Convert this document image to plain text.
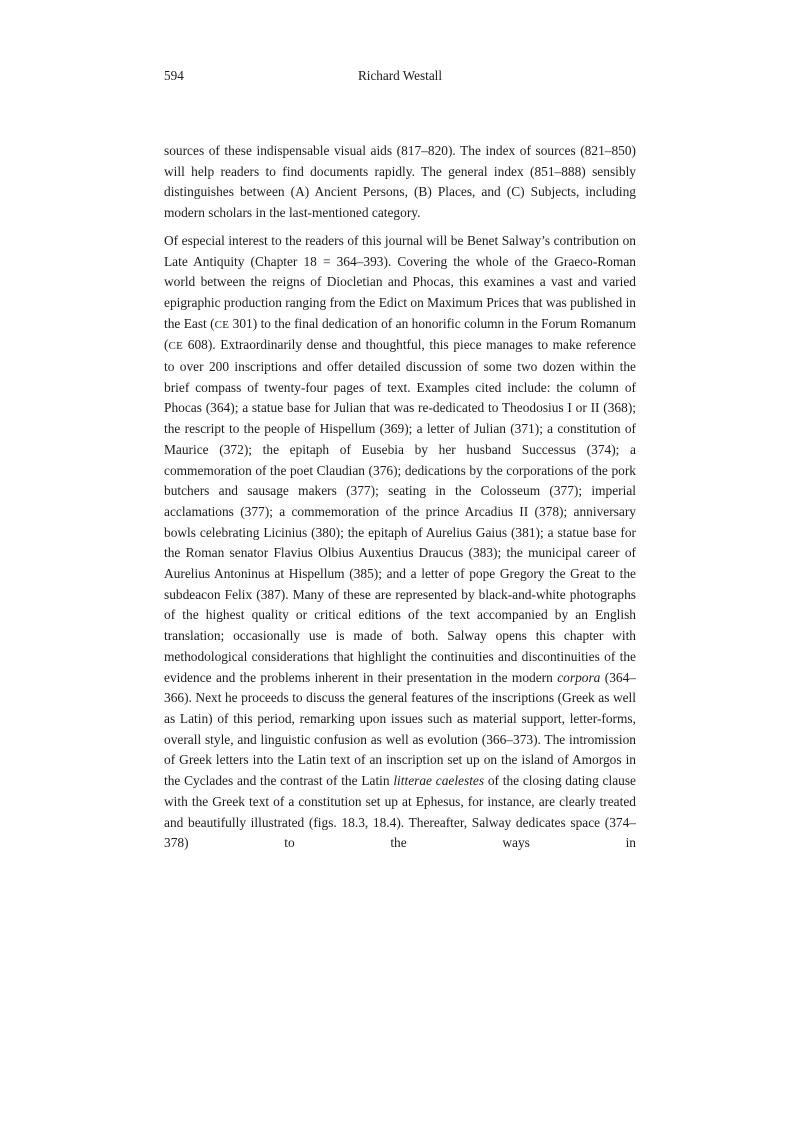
594	Richard Westall

sources of these indispensable visual aids (817–820). The index of sources (821–850) will help readers to find documents rapidly. The general index (851–888) sensibly distinguishes between (A) Ancient Persons, (B) Places, and (C) Subjects, including modern scholars in the last-mentioned category.

Of especial interest to the readers of this journal will be Benet Salway’s contribution on Late Antiquity (Chapter 18 = 364–393). Covering the whole of the Graeco-Roman world between the reigns of Diocletian and Phocas, this examines a vast and varied epigraphic production ranging from the Edict on Maximum Prices that was published in the East (CE 301) to the final dedication of an honorific column in the Forum Romanum (CE 608). Extraordinarily dense and thoughtful, this piece manages to make reference to over 200 inscriptions and offer detailed discussion of some two dozen within the brief compass of twenty-four pages of text. Examples cited include: the column of Phocas (364); a statue base for Julian that was re-dedicated to Theodosius I or II (368); the rescript to the people of Hispellum (369); a letter of Julian (371); a constitution of Maurice (372); the epitaph of Eusebia by her husband Successus (374); a commemoration of the poet Claudian (376); dedications by the corporations of the pork butchers and sausage makers (377); seating in the Colosseum (377); imperial acclamations (377); a commemoration of the prince Arcadius II (378); anniversary bowls celebrating Licinius (380); the epitaph of Aurelius Gaius (381); a statue base for the Roman senator Flavius Olbius Auxentius Draucus (383); the municipal career of Aurelius Antoninus at Hispellum (385); and a letter of pope Gregory the Great to the subdeacon Felix (387). Many of these are represented by black-and-white photographs of the highest quality or critical editions of the text accompanied by an English translation; occasionally use is made of both. Salway opens this chapter with methodological considerations that highlight the continuities and discontinuities of the evidence and the problems inherent in their presentation in the modern corpora (364–366). Next he proceeds to discuss the general features of the inscriptions (Greek as well as Latin) of this period, remarking upon issues such as material support, letter-forms, overall style, and linguistic confusion as well as evolution (366–373). The intromission of Greek letters into the Latin text of an inscription set up on the island of Amorgos in the Cyclades and the contrast of the Latin litterae caelestes of the closing dating clause with the Greek text of a constitution set up at Ephesus, for instance, are clearly treated and beautifully illustrated (figs. 18.3, 18.4). Thereafter, Salway dedicates space (374–378) to the ways in
